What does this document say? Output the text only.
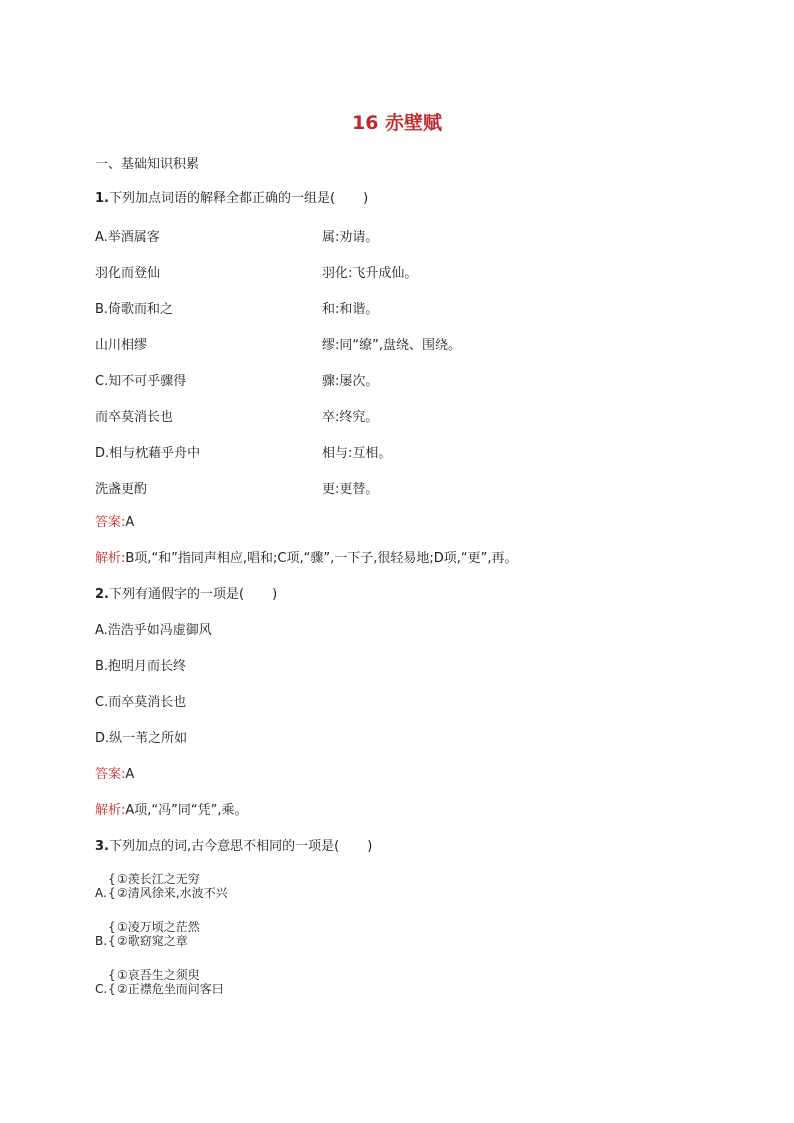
16 赤壁赋
一、基础知识积累
1.下列加点词语的解释全都正确的一组是( )
A.举酒属客	属:劝请。
羽化而登仙	羽化:飞升成仙。
B.倚歌而和之	和:和谐。
山川相缪	缪:同“缭”,盘绕、围绕。
C.知不可乎骤得	骤:屡次。
而卒莫消长也	卒:终究。
D.相与枕藉乎舟中	相与:互相。
洗盏更酌	更:更替。
答案:A
解析:B项,“和”指同声相应,唱和;C项,“骤”,一下子,很轻易地;D项,“更”,再。
2.下列有通假字的一项是( )
A.浩浩乎如冯虚御风
B.抱明月而长终
C.而卒莫消长也
D.纵一苇之所如
答案:A
解析:A项,“冯”同“凭”,乘。
3.下列加点的词,古今意思不相同的一项是( )
A.
{
{
①羡长江之无穷
②清风徐来,水波不兴
B.
{
{
①凌万顷之茫然
②歌窈窕之章
C.
{
{
①哀吾生之须臾
②正襟危坐而问客曰
